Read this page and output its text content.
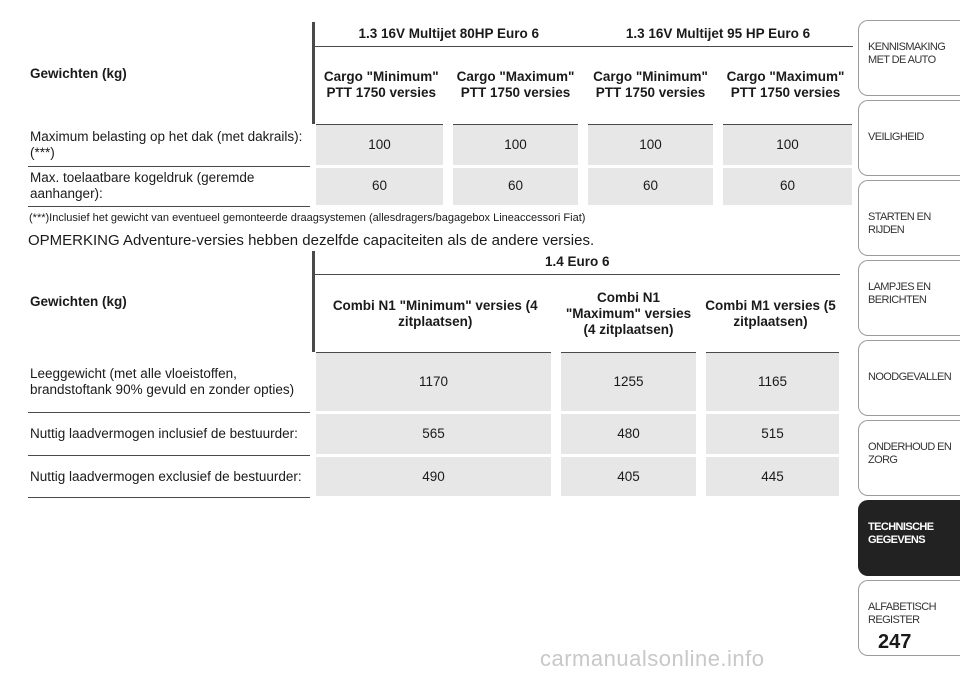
Gewichten (kg)	1.3 16V Multijet 80HP Euro 6		1.3 16V Multijet 95 HP Euro 6	
	Cargo "Minimum" PTT 1750 versies	Cargo "Maximum" PTT 1750 versies	Cargo "Minimum" PTT 1750 versies	Cargo "Maximum" PTT 1750 versies
Maximum belasting op het dak (met dakrails): (***)	100	100	100	100
Max. toelaatbare kogeldruk (geremde aanhanger):	60	60	60	60
(***)Inclusief het gewicht van eventueel gemonteerde draagsystemen (allesdragers/bagagebox Lineaccessori Fiat)
OPMERKING Adventure-versies hebben dezelfde capaciteiten als de andere versies.
Gewichten (kg)	1.4 Euro 6		
	Combi N1 "Minimum" versies (4 zitplaatsen)	Combi N1 "Maximum" versies (4 zitplaatsen)	Combi M1 versies (5 zitplaatsen)
Leeggewicht (met alle vloeistoffen, brandstoftank 90% gevuld en zonder opties)	1170	1255	1165
Nuttig laadvermogen inclusief de bestuurder:	565	480	515
Nuttig laadvermogen exclusief de bestuurder:	490	405	445
KENNISMAKING MET DE AUTO
VEILIGHEID
STARTEN EN RIJDEN
LAMPJES EN BERICHTEN
NOODGEVALLEN
ONDERHOUD EN ZORG
TECHNISCHE GEGEVENS
ALFABETISCH REGISTER
247
carmanualsonline.info
